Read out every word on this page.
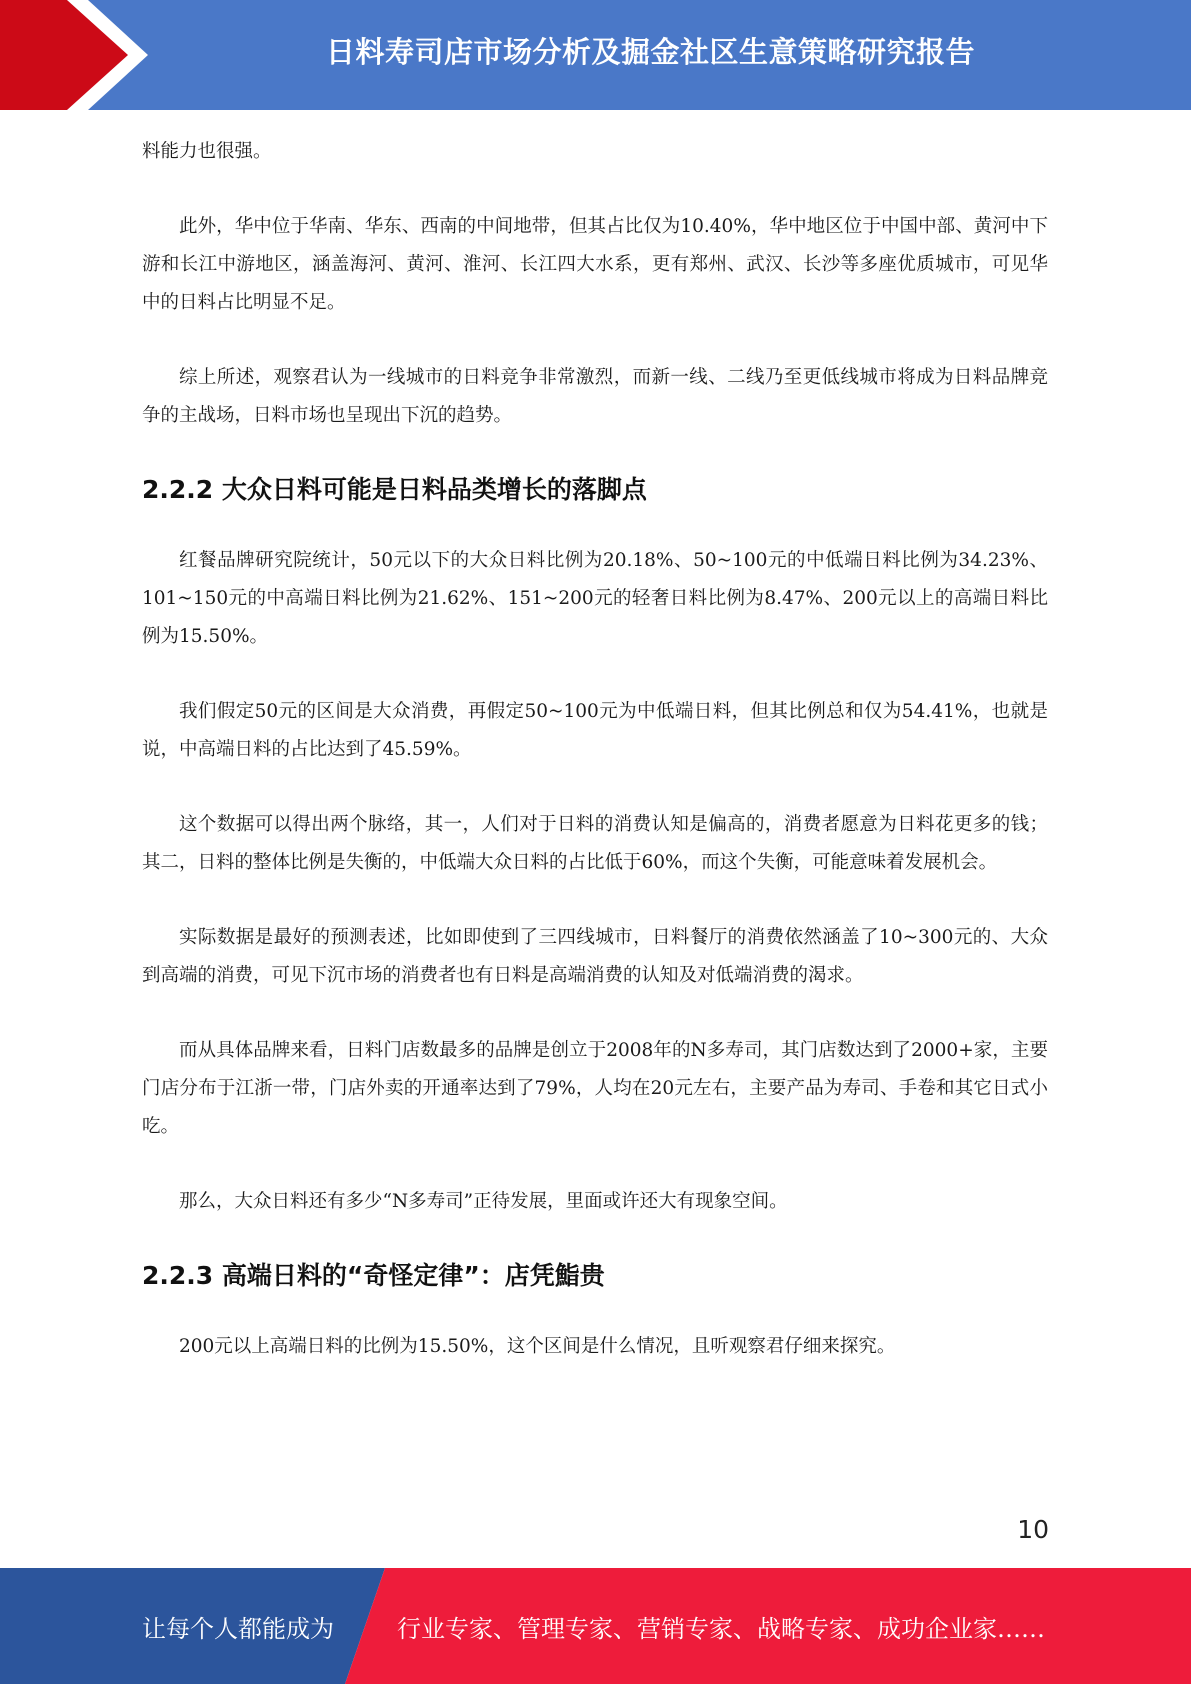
日料寿司店市场分析及掘金社区生意策略研究报告

料能力也很强。

此外，华中位于华南、华东、西南的中间地带，但其占比仅为10.40%，华中地区位于中国中部、黄河中下游和长江中游地区，涵盖海河、黄河、淮河、长江四大水系，更有郑州、武汉、长沙等多座优质城市，可见华中的日料占比明显不足。

综上所述，观察君认为一线城市的日料竞争非常激烈，而新一线、二线乃至更低线城市将成为日料品牌竞争的主战场，日料市场也呈现出下沉的趋势。

2.2.2 大众日料可能是日料品类增长的落脚点

红餐品牌研究院统计，50元以下的大众日料比例为20.18%、50~100元的中低端日料比例为34.23%、101~150元的中高端日料比例为21.62%、151~200元的轻奢日料比例为8.47%、200元以上的高端日料比例为15.50%。

我们假定50元的区间是大众消费，再假定50~100元为中低端日料，但其比例总和仅为54.41%，也就是说，中高端日料的占比达到了45.59%。

这个数据可以得出两个脉络，其一，人们对于日料的消费认知是偏高的，消费者愿意为日料花更多的钱；其二，日料的整体比例是失衡的，中低端大众日料的占比低于60%，而这个失衡，可能意味着发展机会。

实际数据是最好的预测表述，比如即使到了三四线城市，日料餐厅的消费依然涵盖了10~300元的、大众到高端的消费，可见下沉市场的消费者也有日料是高端消费的认知及对低端消费的渴求。

而从具体品牌来看，日料门店数最多的品牌是创立于2008年的N多寿司，其门店数达到了2000+家，主要门店分布于江浙一带，门店外卖的开通率达到了79%，人均在20元左右，主要产品为寿司、手卷和其它日式小吃。

那么，大众日料还有多少“N多寿司”正待发展，里面或许还大有现象空间。

2.2.3 高端日料的“奇怪定律”：店凭鮨贵

200元以上高端日料的比例为15.50%，这个区间是什么情况，且听观察君仔细来探究。

10
让每个人都能成为	行业专家、管理专家、营销专家、战略专家、成功企业家……
